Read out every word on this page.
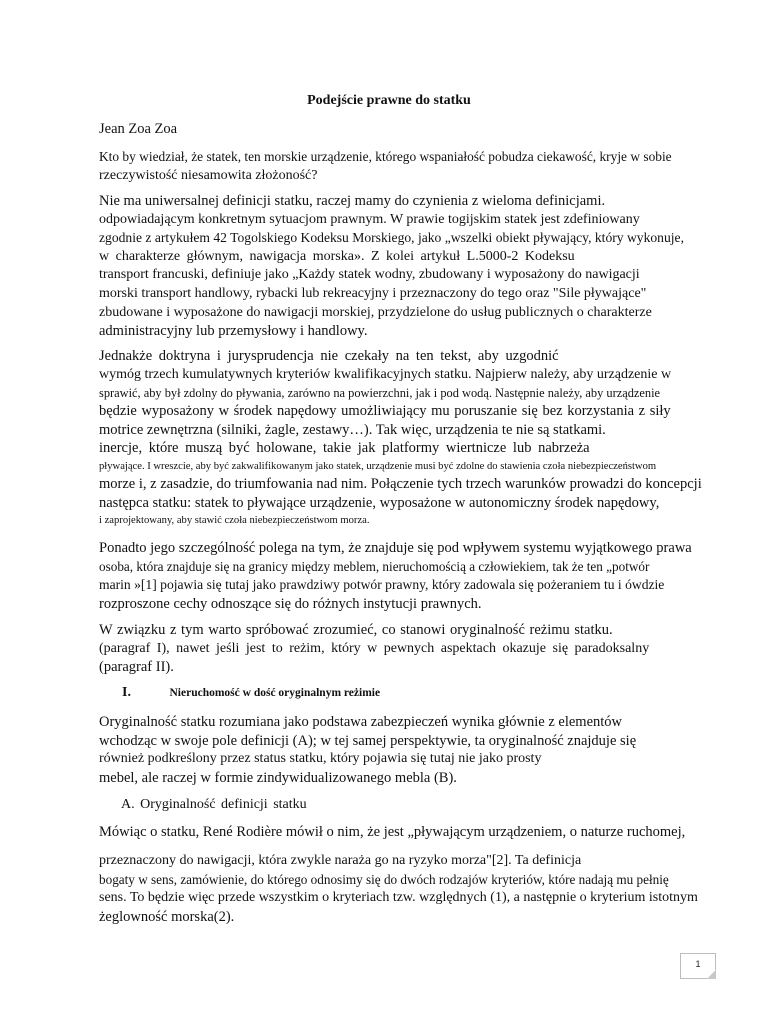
Podejście prawne do statku
Jean Zoa Zoa
Kto by wiedział, że statek, ten morskie urządzenie, którego wspaniałość pobudza ciekawość, kryje w sobie
rzeczywistość niesamowita złożoność?
Nie ma uniwersalnej definicji statku, raczej mamy do czynienia z wieloma definicjami.
odpowiadającym konkretnym sytuacjom prawnym. W prawie togijskim statek jest zdefiniowany
zgodnie z artykułem 42 Togolskiego Kodeksu Morskiego, jako „wszelki obiekt pływający, który wykonuje,
w charakterze głównym, nawigacja morska». Z kolei artykuł L.5000-2 Kodeksu
transport francuski, definiuje jako „Każdy statek wodny, zbudowany i wyposażony do nawigacji
morski transport handlowy, rybacki lub rekreacyjny i przeznaczony do tego oraz "Sile pływające"
zbudowane i wyposażone do nawigacji morskiej, przydzielone do usług publicznych o charakterze
administracyjny lub przemysłowy i handlowy.
Jednakże doktryna i jurysprudencja nie czekały na ten tekst, aby uzgodnić
wymóg trzech kumulatywnych kryteriów kwalifikacyjnych statku. Najpierw należy, aby urządzenie w
sprawić, aby był zdolny do pływania, zarówno na powierzchni, jak i pod wodą. Następnie należy, aby urządzenie
będzie wyposażony w środek napędowy umożliwiający mu poruszanie się bez korzystania z siły
motrice zewnętrzna (silniki, żagle, zestawy…). Tak więc, urządzenia te nie są statkami.
inercje, które muszą być holowane, takie jak platformy wiertnicze lub nabrzeża
pływające. I wreszcie, aby być zakwalifikowanym jako statek, urządzenie musi być zdolne do stawienia czoła niebezpieczeństwom
morze i, z zasadzie, do triumfowania nad nim. Połączenie tych trzech warunków prowadzi do koncepcji
następca statku: statek to pływające urządzenie, wyposażone w autonomiczny środek napędowy,
i zaprojektowany, aby stawić czoła niebezpieczeństwom morza.
Ponadto jego szczególność polega na tym, że znajduje się pod wpływem systemu wyjątkowego prawa
osoba, która znajduje się na granicy między meblem, nieruchomością a człowiekiem, tak że ten „potwór
marin »[1] pojawia się tutaj jako prawdziwy potwór prawny, który zadowala się pożeraniem tu i ówdzie
rozproszone cechy odnoszące się do różnych instytucji prawnych.
W związku z tym warto spróbować zrozumieć, co stanowi oryginalność reżimu statku.
(paragraf I), nawet jeśli jest to reżim, który w pewnych aspektach okazuje się paradoksalny
(paragraf II).
I.	Nieruchomość w dość oryginalnym reżimie
Oryginalność statku rozumiana jako podstawa zabezpieczeń wynika głównie z elementów
wchodząc w swoje pole definicji (A); w tej samej perspektywie, ta oryginalność znajduje się
również podkreślony przez status statku, który pojawia się tutaj nie jako prosty
mebel, ale raczej w formie zindywidualizowanego mebla (B).
A. Oryginalność definicji statku
Mówiąc o statku, René Rodière mówił o nim, że jest „pływającym urządzeniem, o naturze ruchomej,
przeznaczony do nawigacji, która zwykle naraża go na ryzyko morza"[2]. Ta definicja
bogaty w sens, zamówienie, do którego odnosimy się do dwóch rodzajów kryteriów, które nadają mu pełnię
sens. To będzie więc przede wszystkim o kryteriach tzw. względnych (1), a następnie o kryterium istotnym
żeglowność morska(2).
1
